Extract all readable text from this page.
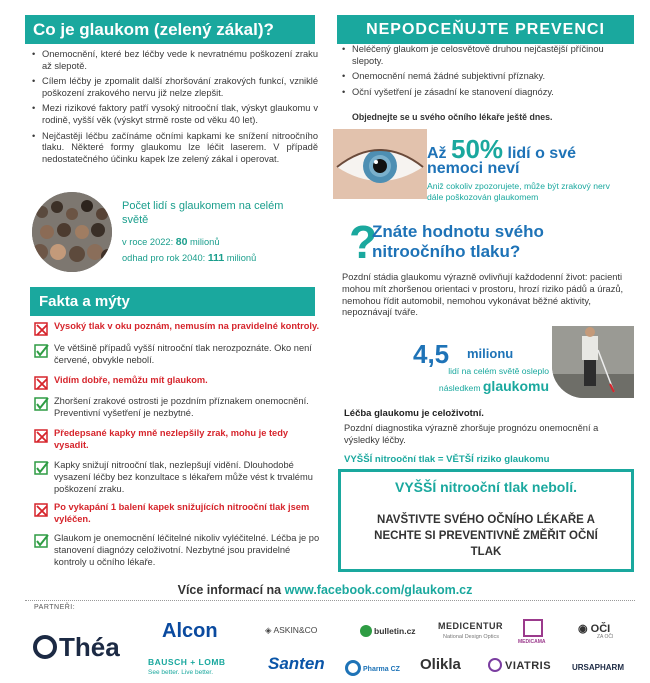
Co je glaukom (zelený zákal)?
• Onemocnění, které bez léčby vede k nevratnému poškození zraku až slepotě.
• Cílem léčby je zpomalit další zhoršování zrakových funkcí, vzniklé poškození zrakového nervu již nelze zlepšit.
• Mezi rizikové faktory patří vysoký nitrooční tlak, výskyt glaukomu v rodině, vyšší věk (výskyt strmě roste od věku 40 let).
• Nejčastěji léčbu začínáme očními kapkami ke snížení nitroočního tlaku. Některé formy glaukomu lze léčit laserem. V případě nedostatečného účinku kapek lze zelený zákal i operovat.
Počet lidí s glaukomem na celém světě
v roce 2022: 80 milionů
odhad pro rok 2040: 111 milionů
Fakta a mýty
Vysoký tlak v oku poznám, nemusím na pravidelné kontroly.
Ve většině případů vyšší nitrooční tlak nerozpoznáte. Oko není červené, obvykle nebolí.
Vidím dobře, nemůžu mít glaukom.
Zhoršení zrakové ostrosti je pozdním příznakem onemocnění. Preventivní vyšetření je nezbytné.
Předepsané kapky mně nezlepšily zrak, mohu je tedy vysadit.
Kapky snižují nitrooční tlak, nezlepšují vidění. Dlouhodobé vysazení léčby bez konzultace s lékařem může vést k trvalému poškození zraku.
Po vykapání 1 balení kapek snižujících nitrooční tlak jsem vyléčen.
Glaukom je onemocnění léčitelné nikoliv vyléčitelné. Léčba je po stanovení diagnózy celoživotní. Nezbytné jsou pravidelné kontroly u očního lékaře.
NEPODCEŇUJTE PREVENCI
• Neléčený glaukom je celosvětově druhou nejčastější příčinou slepoty.
• Onemocnění nemá žádné subjektivní příznaky.
• Oční vyšetření je zásadní ke stanovení diagnózy.
Objednejte se u svého očního lékaře ještě dnes.
Až 50% lidí o své
nemoci neví
Aniž cokoliv zpozorujete, může být zrakový nerv dále poškozován glaukomem
?
Znáte hodnotu svého nitroočního tlaku?
Pozdní stádia glaukomu výrazně ovlivňují každodenní život: pacienti mohou mít zhoršenou orientaci v prostoru, hrozí riziko pádů a úrazů, nemohou řídit automobil, nemohou vykonávat běžné aktivity, nepoznávají tváře.
4,5 milionu
lidí na celém světě osleplo
následkem glaukomu
Léčba glaukomu je celoživotní.
Pozdní diagnostika výrazně zhoršuje prognózu onemocnění a výsledky léčby.
VYŠŠÍ nitrooční tlak = VĚTŠÍ riziko glaukomu
VYŠŠÍ nitrooční tlak nebolí.
NAVŠTIVTE SVÉHO OČNÍHO LÉKAŘE A NECHTE SI PREVENTIVNĚ ZMĚŘIT OČNÍ TLAK
Více informací na www.facebook.com/glaukom.cz
PARTNEŘI:
Théa
Alcon
BAUSCH + LOMB
See better. Live better.
◈ ASKIN&CO
Santen
bulletin.cz
Pharma CZ
MEDICENTUR
National Design Optics
Olikla
MEDICAMA
VIATRIS
◉ OČI
ZA OČI
URSAPHARM
